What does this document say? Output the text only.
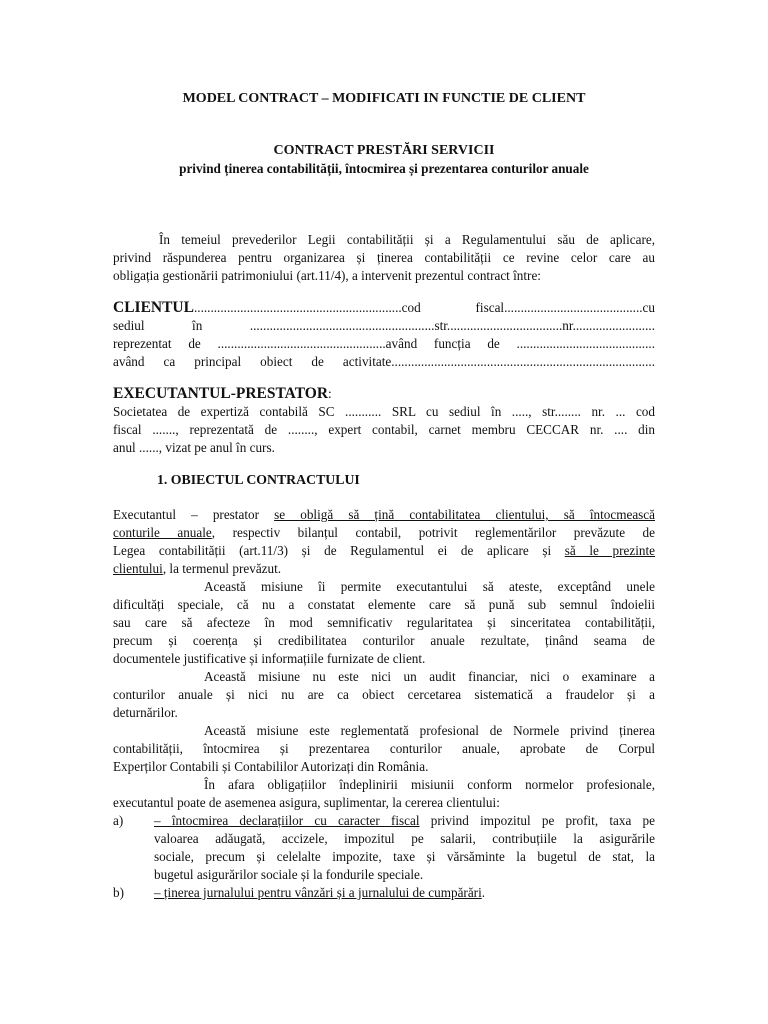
MODEL CONTRACT – MODIFICATI IN FUNCTIE DE CLIENT
CONTRACT PRESTĂRI SERVICII
privind ținerea contabilității, întocmirea și prezentarea conturilor anuale
În temeiul prevederilor Legii contabilității și a Regulamentului său de aplicare,
privind răspunderea pentru organizarea și ținerea contabilității ce revine celor care au
obligația gestionării patrimoniului (art.11/4), a intervenit prezentul contract între:
CLIENTUL...............................................................cod fiscal..........................................cu
sediul în ........................................................str...................................nr.........................
reprezentat de ...................................................având funcția de ..........................................
având ca principal obiect de activitate................................................................................
EXECUTANTUL-PRESTATOR:
Societatea de expertiză contabilă SC ........... SRL cu sediul în ....., str........ nr. ... cod
fiscal ......., reprezentată de ........, expert contabil, carnet membru CECCAR nr. .... din
anul ......, vizat pe anul în curs.
1. OBIECTUL CONTRACTULUI
Executantul – prestator se obligă să țină contabilitatea clientului, să întocmească
conturile anuale, respectiv bilanțul contabil, potrivit reglementărilor prevăzute de
Legea contabilității (art.11/3) și de Regulamentul ei de aplicare și să le prezinte
clientului, la termenul prevăzut.
Această misiune îi permite executantului să ateste, exceptând unele
dificultăți speciale, că nu a constatat elemente care să pună sub semnul îndoielii
sau care să afecteze în mod semnificativ regularitatea și sinceritatea contabilității,
precum și coerența și credibilitatea conturilor anuale rezultate, ținând seama de
documentele justificative și informațiile furnizate de client.
Această misiune nu este nici un audit financiar, nici o examinare a
conturilor anuale și nici nu are ca obiect cercetarea sistematică a fraudelor și a
deturnărilor.
Această misiune este reglementată profesional de Normele privind ținerea
contabilității, întocmirea și prezentarea conturilor anuale, aprobate de Corpul
Experților Contabili și Contabililor Autorizați din România.
În afara obligațiilor îndeplinirii misiunii conform normelor profesionale,
executantul poate de asemenea asigura, suplimentar, la cererea clientului:
a) – întocmirea declarațiilor cu caracter fiscal privind impozitul pe profit, taxa pe
valoarea adăugată, accizele, impozitul pe salarii, contribuțiile la asigurările
sociale, precum și celelalte impozite, taxe și vărsăminte la bugetul de stat, la
bugetul asigurărilor sociale și la fondurile speciale.
b) – ținerea jurnalului pentru vânzări și a jurnalului de cumpărări.
